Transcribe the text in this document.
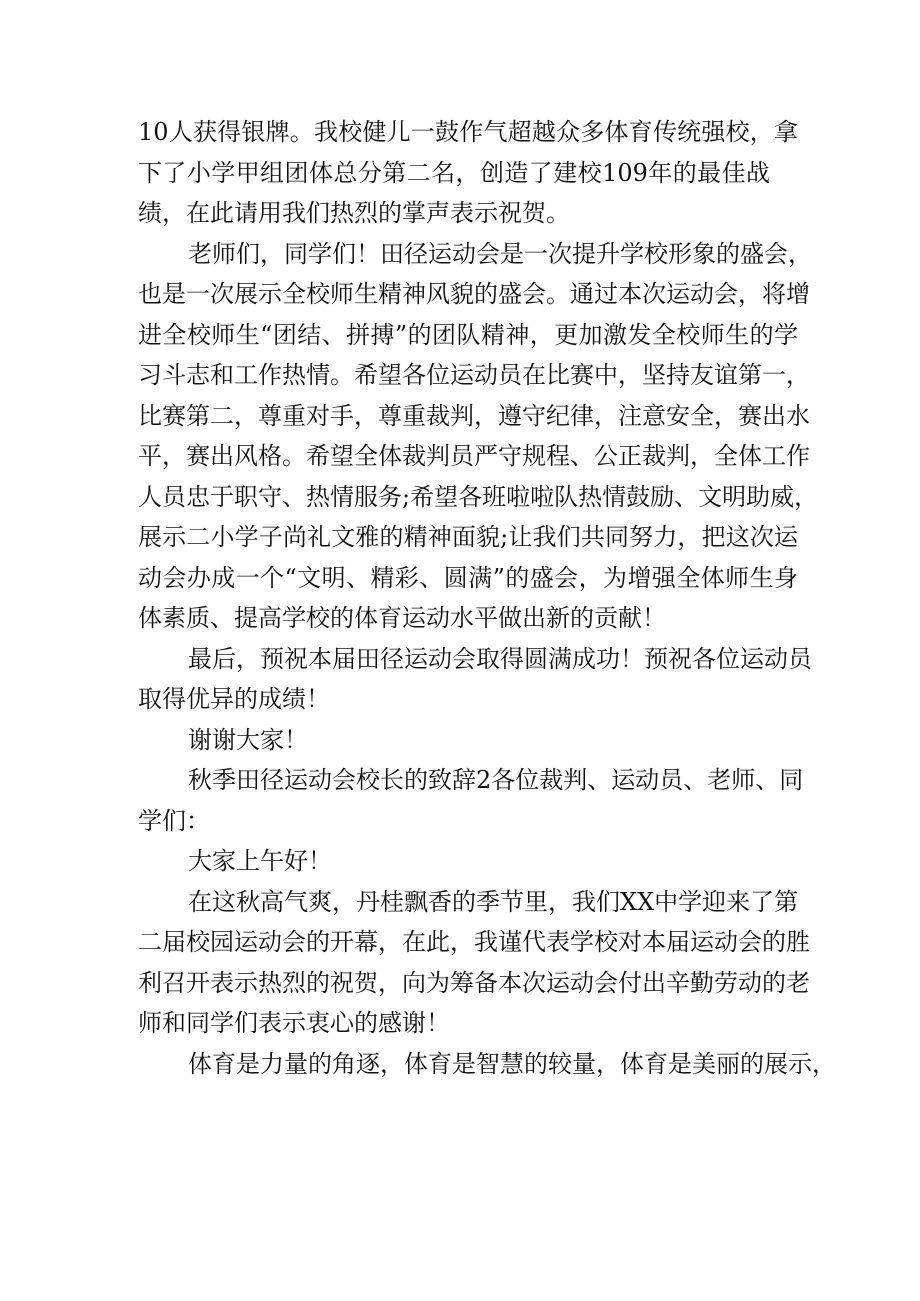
10人获得银牌。我校健儿一鼓作气超越众多体育传统强校，拿
下了小学甲组团体总分第二名，创造了建校109年的最佳战
绩，在此请用我们热烈的掌声表示祝贺。
老师们，同学们！田径运动会是一次提升学校形象的盛会，
也是一次展示全校师生精神风貌的盛会。通过本次运动会，将增
进全校师生“团结、拼搏”的团队精神，更加激发全校师生的学
习斗志和工作热情。希望各位运动员在比赛中，坚持友谊第一，
比赛第二，尊重对手，尊重裁判，遵守纪律，注意安全，赛出水
平，赛出风格。希望全体裁判员严守规程、公正裁判，全体工作
人员忠于职守、热情服务;希望各班啦啦队热情鼓励、文明助威，
展示二小学子尚礼文雅的精神面貌;让我们共同努力，把这次运
动会办成一个“文明、精彩、圆满”的盛会，为增强全体师生身
体素质、提高学校的体育运动水平做出新的贡献！
最后，预祝本届田径运动会取得圆满成功！预祝各位运动员
取得优异的成绩！
谢谢大家！
秋季田径运动会校长的致辞2各位裁判、运动员、老师、同
学们：
大家上午好！
在这秋高气爽，丹桂飘香的季节里，我们XX中学迎来了第
二届校园运动会的开幕，在此，我谨代表学校对本届运动会的胜
利召开表示热烈的祝贺，向为筹备本次运动会付出辛勤劳动的老
师和同学们表示衷心的感谢！
体育是力量的角逐，体育是智慧的较量，体育是美丽的展示，
